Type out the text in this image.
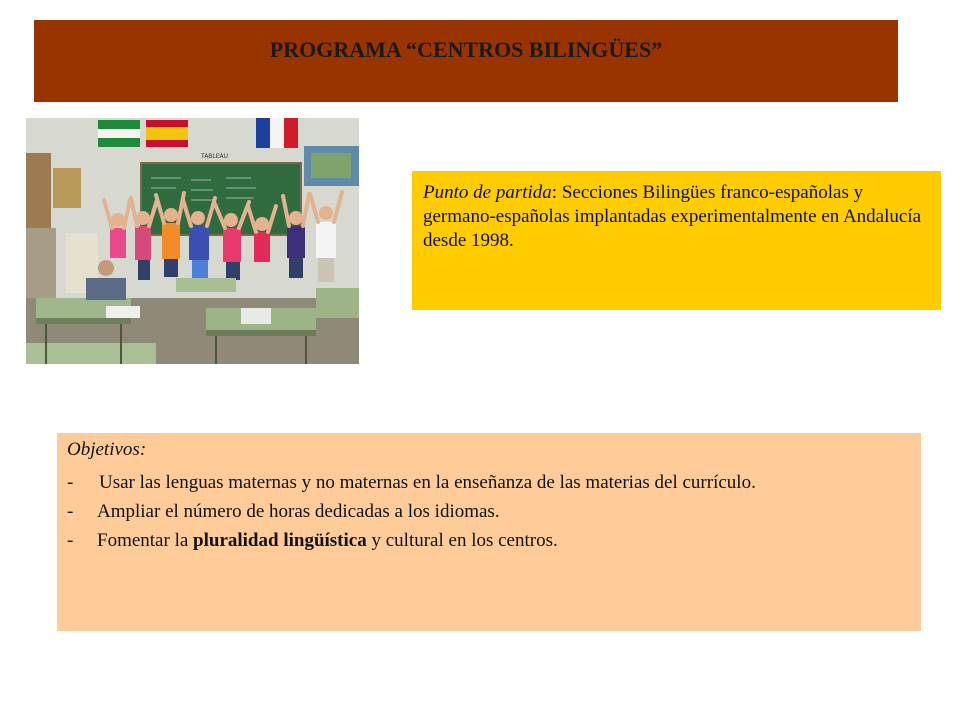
PROGRAMA “CENTROS BILINGÜES”
TABLEAU
Punto de partida: Secciones Bilingües franco-españolas y germano-españolas implantadas experimentalmente en Andalucía desde 1998.
Objetivos:
-	Usar las lenguas maternas y no maternas en la enseñanza de las materias del currículo.
-	Ampliar el número de horas dedicadas a los idiomas.
-	Fomentar la pluralidad lingüística y cultural en los centros.
